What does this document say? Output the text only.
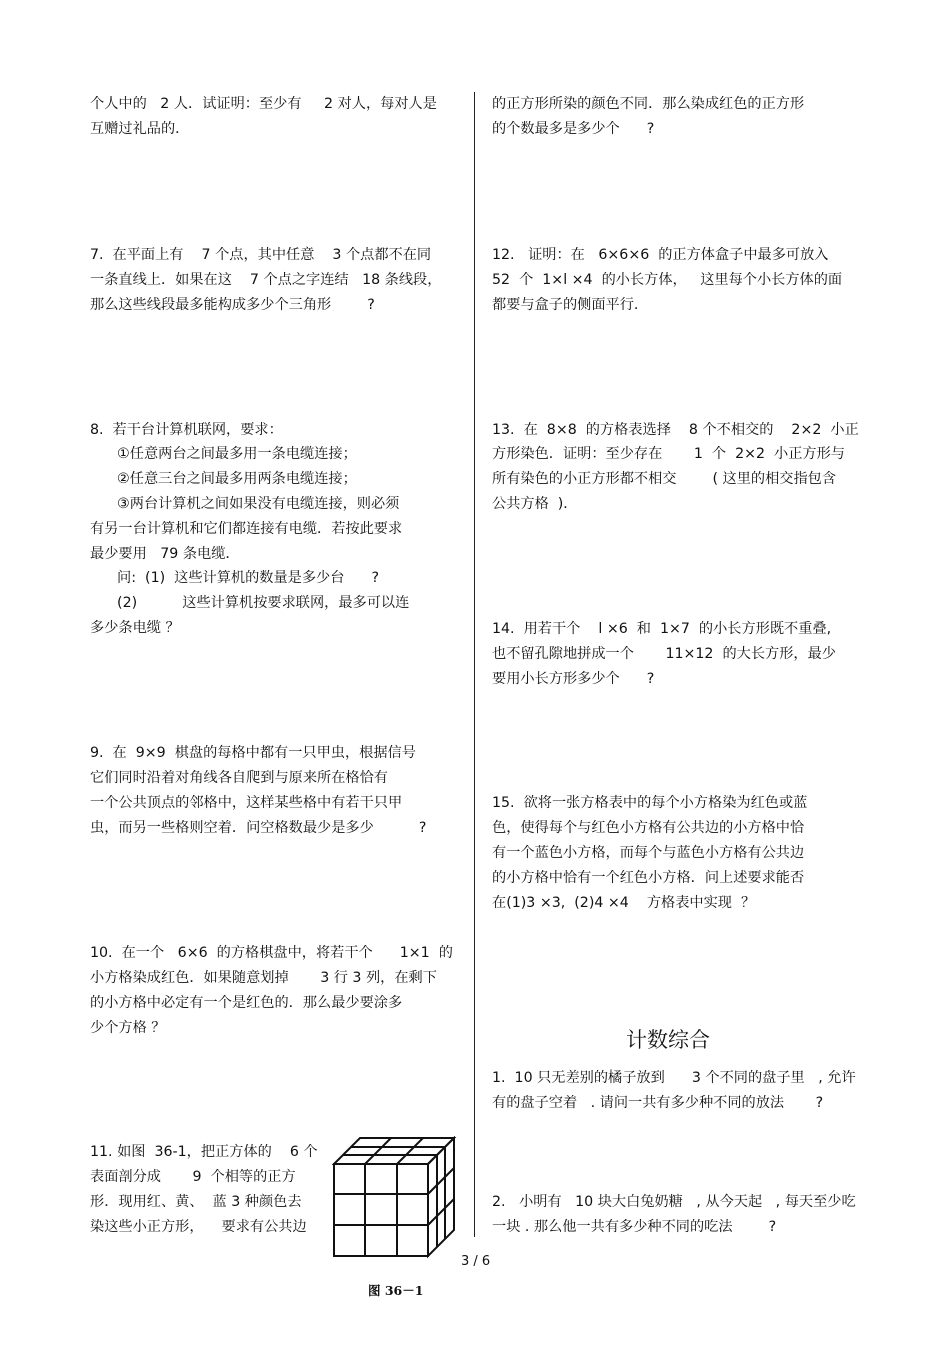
个人中的   2 人．试证明：至少有     2 对人，每对人是
互赠过礼品的．
7.  在平面上有    7 个点，其中任意    3 个点都不在同
一条直线上．如果在这    7 个点之字连结   18 条线段，
那么这些线段最多能构成多少个三角形        ?
8.  若干台计算机联网，要求：
①任意两台之间最多用一条电缆连接；
②任意三台之间最多用两条电缆连接；
③两台计算机之间如果没有电缆连接，则必须
有另一台计算机和它们都连接有电缆．若按此要求
最少要用   79 条电缆．
问:  (1)  这些计算机的数量是多少台      ?
(2)          这些计算机按要求联网，最多可以连
多少条电缆 ？
9.  在  9×9  棋盘的每格中都有一只甲虫，根据信号
它们同时沿着对角线各自爬到与原来所在格恰有
一个公共顶点的邻格中，这样某些格中有若干只甲
虫，而另一些格则空着．问空格数最少是多少          ?
10.  在一个   6×6  的方格棋盘中，将若干个      1×1  的
小方格染成红色．如果随意划掉       3 行 3 列，在剩下
的小方格中必定有一个是红色的．那么最少要涂多
少个方格 ？
11. 如图  36-1，把正方体的    6 个
表面剖分成       9  个相等的正方
形．现用红、黄、  蓝 3 种颜色去
染这些小正方形，    要求有公共边
图 36－1
的正方形所染的颜色不同．那么染成红色的正方形
的个数最多是多少个      ?
12.   证明：在   6×6×6  的正方体盒子中最多可放入
52  个  1×l ×4  的小长方体，   这里每个小长方体的面
都要与盒子的侧面平行.
13.  在  8×8  的方格表选择    8 个不相交的    2×2  小正
方形染色．证明：至少存在       1  个  2×2  小正方形与
所有染色的小正方形都不相交        ( 这里的相交指包含
公共方格  )．
14.  用若干个    l ×6  和  1×7  的小长方形既不重叠,
也不留孔隙地拼成一个       11×12  的大长方形，最少
要用小长方形多少个      ?
15.  欲将一张方格表中的每个小方格染为红色或蓝
色，使得每个与红色小方格有公共边的小方格中恰
有一个蓝色小方格，而每个与蓝色小方格有公共边
的小方格中恰有一个红色小方格．问上述要求能否
在(1)3 ×3,  (2)4 ×4    方格表中实现  ？
计数综合
1.  10 只无差别的橘子放到      3 个不同的盘子里   , 允许
有的盘子空着   . 请问一共有多少种不同的放法       ?
2.   小明有   10 块大白兔奶糖   , 从今天起   , 每天至少吃
一块 . 那么他一共有多少种不同的吃法        ?
3 / 6
